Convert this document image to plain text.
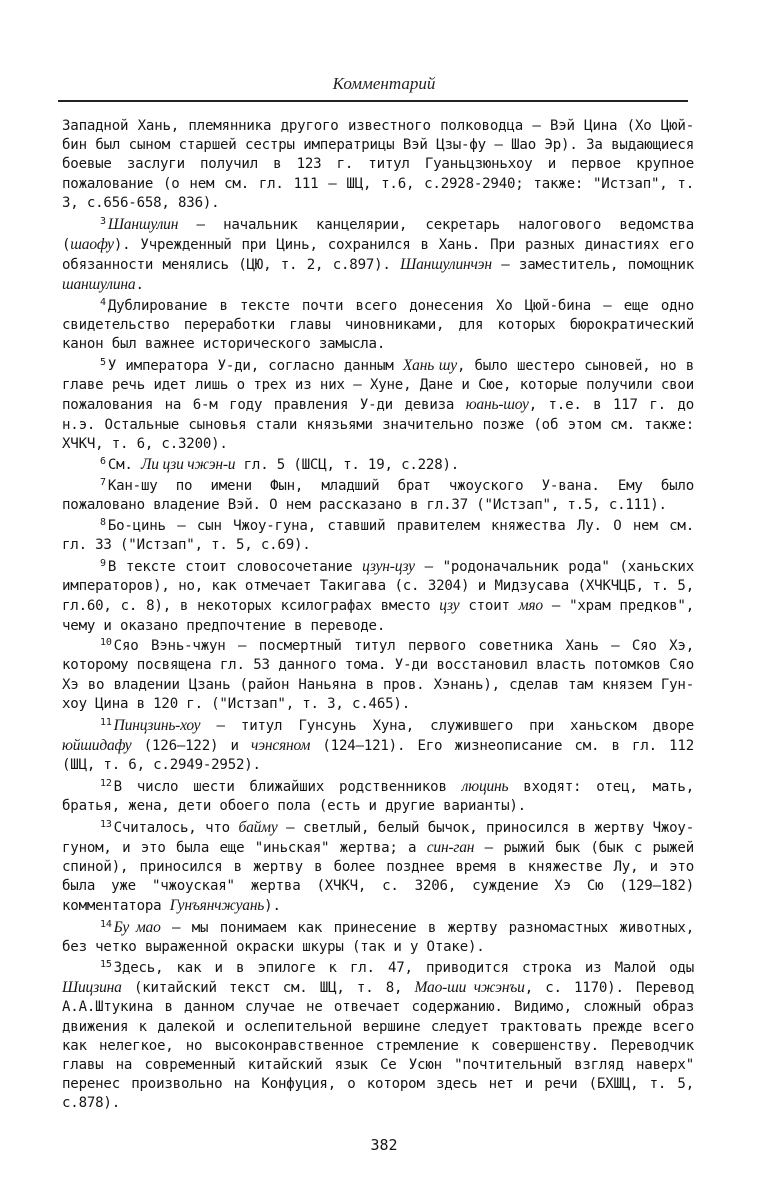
Комментарий

Западной Хань, племянника другого известного полководца — Вэй Цина (Хо Цюй-бин был сыном старшей сестры императрицы Вэй Цзы-фу — Шао Эр). За выдающиеся боевые заслуги получил в 123 г. титул Гуаньцзюньхоу и первое крупное пожалование (о нем см. гл. 111 — ШЦ, т.6, с.2928-2940; также: "Истзап", т. 3, с.656-658, 836).

$^3$ Шаншулин — начальник канцелярии, секретарь налогового ведомства (шаофу). Учрежденный при Цинь, сохранился в Хань. При разных династиях его обязанности менялись (ЦЮ, т. 2, с.897). Шаншулинчэн — заместитель, помощник шаншулина.

$^4$ Дублирование в тексте почти всего донесения Хо Цюй-бина — еще одно свидетельство переработки главы чиновниками, для которых бюрократический канон был важнее исторического замысла.

$^5$ У императора У-ди, согласно данным Хань шу, было шестеро сыновей, но в главе речь идет лишь о трех из них — Хуне, Дане и Сюе, которые получили свои пожалования на 6-м году правления У-ди девиза юань-шоу, т.е. в 117 г. до н.э. Остальные сыновья стали князьями значительно позже (об этом см. также: ХЧКЧ, т. 6, с.3200).

$^6$ См. Ли цзи чжэн-и гл. 5 (ШСЦ, т. 19, с.228).

$^7$ Кан-шу по имени Фын, младший брат чжоуского У-вана. Ему было пожаловано владение Вэй. О нем рассказано в гл.37 ("Истзап", т.5, с.111).

$^8$ Бо-цинь — сын Чжоу-гуна, ставший правителем княжества Лу. О нем см. гл. 33 ("Истзап", т. 5, с.69).

$^9$ В тексте стоит словосочетание цзун-цзу — "родоначальник рода" (ханьских императоров), но, как отмечает Такигава (с. 3204) и Мидзусава (ХЧКЧЦБ, т. 5, гл.60, с. 8), в некоторых ксилографах вместо цзу стоит мяо — "храм предков", чему и оказано предпочтение в переводе.

$^{10}$ Сяо Вэнь-чжун — посмертный титул первого советника Хань — Сяо Хэ, которому посвящена гл. 53 данного тома. У-ди восстановил власть потомков Сяо Хэ во владении Цзань (район Наньяна в пров. Хэнань), сделав там князем Гун-хоу Цина в 120 г. ("Истзап", т. 3, с.465).

$^{11}$ Пинцзинь-хоу — титул Гунсунь Хуна, служившего при ханьском дворе юйшидафу (126—122) и чэнсяном (124—121). Его жизнеописание см. в гл. 112 (ШЦ, т. 6, с.2949-2952).

$^{12}$ В число шести ближайших родственников люцинь входят: отец, мать, братья, жена, дети обоего пола (есть и другие варианты).

$^{13}$ Считалось, что баймy — светлый, белый бычок, приносился в жертву Чжоу-гуном, и это была еще "иньская" жертва; а син-ган — рыжий бык (бык с рыжей спиной), приносился в жертву в более позднее время в княжестве Лу, и это была уже "чжоуская" жертва (ХЧКЧ, с. 3206, суждение Хэ Сю (129—182) комментатора Гунъянчжуань).

$^{14}$ Бу мао — мы понимаем как принесение в жертву разномастных животных, без четко выраженной окраски шкуры (так и у Отаке).

$^{15}$ Здесь, как и в эпилоге к гл. 47, приводится строка из Малой оды Шицзина (китайский текст см. ШЦ, т. 8, Мао-ши чжэнъи, с. 1170). Перевод А.А.Штукина в данном случае не отвечает содержанию. Видимо, сложный образ движения к далекой и ослепительной вершине следует трактовать прежде всего как нелегкое, но высоконравственное стремление к совершенству. Переводчик главы на современный китайский язык Се Усюн "почтительный взгляд наверх" перенес произвольно на Конфуция, о котором здесь нет и речи (БХШЦ, т. 5, с.878).

382
